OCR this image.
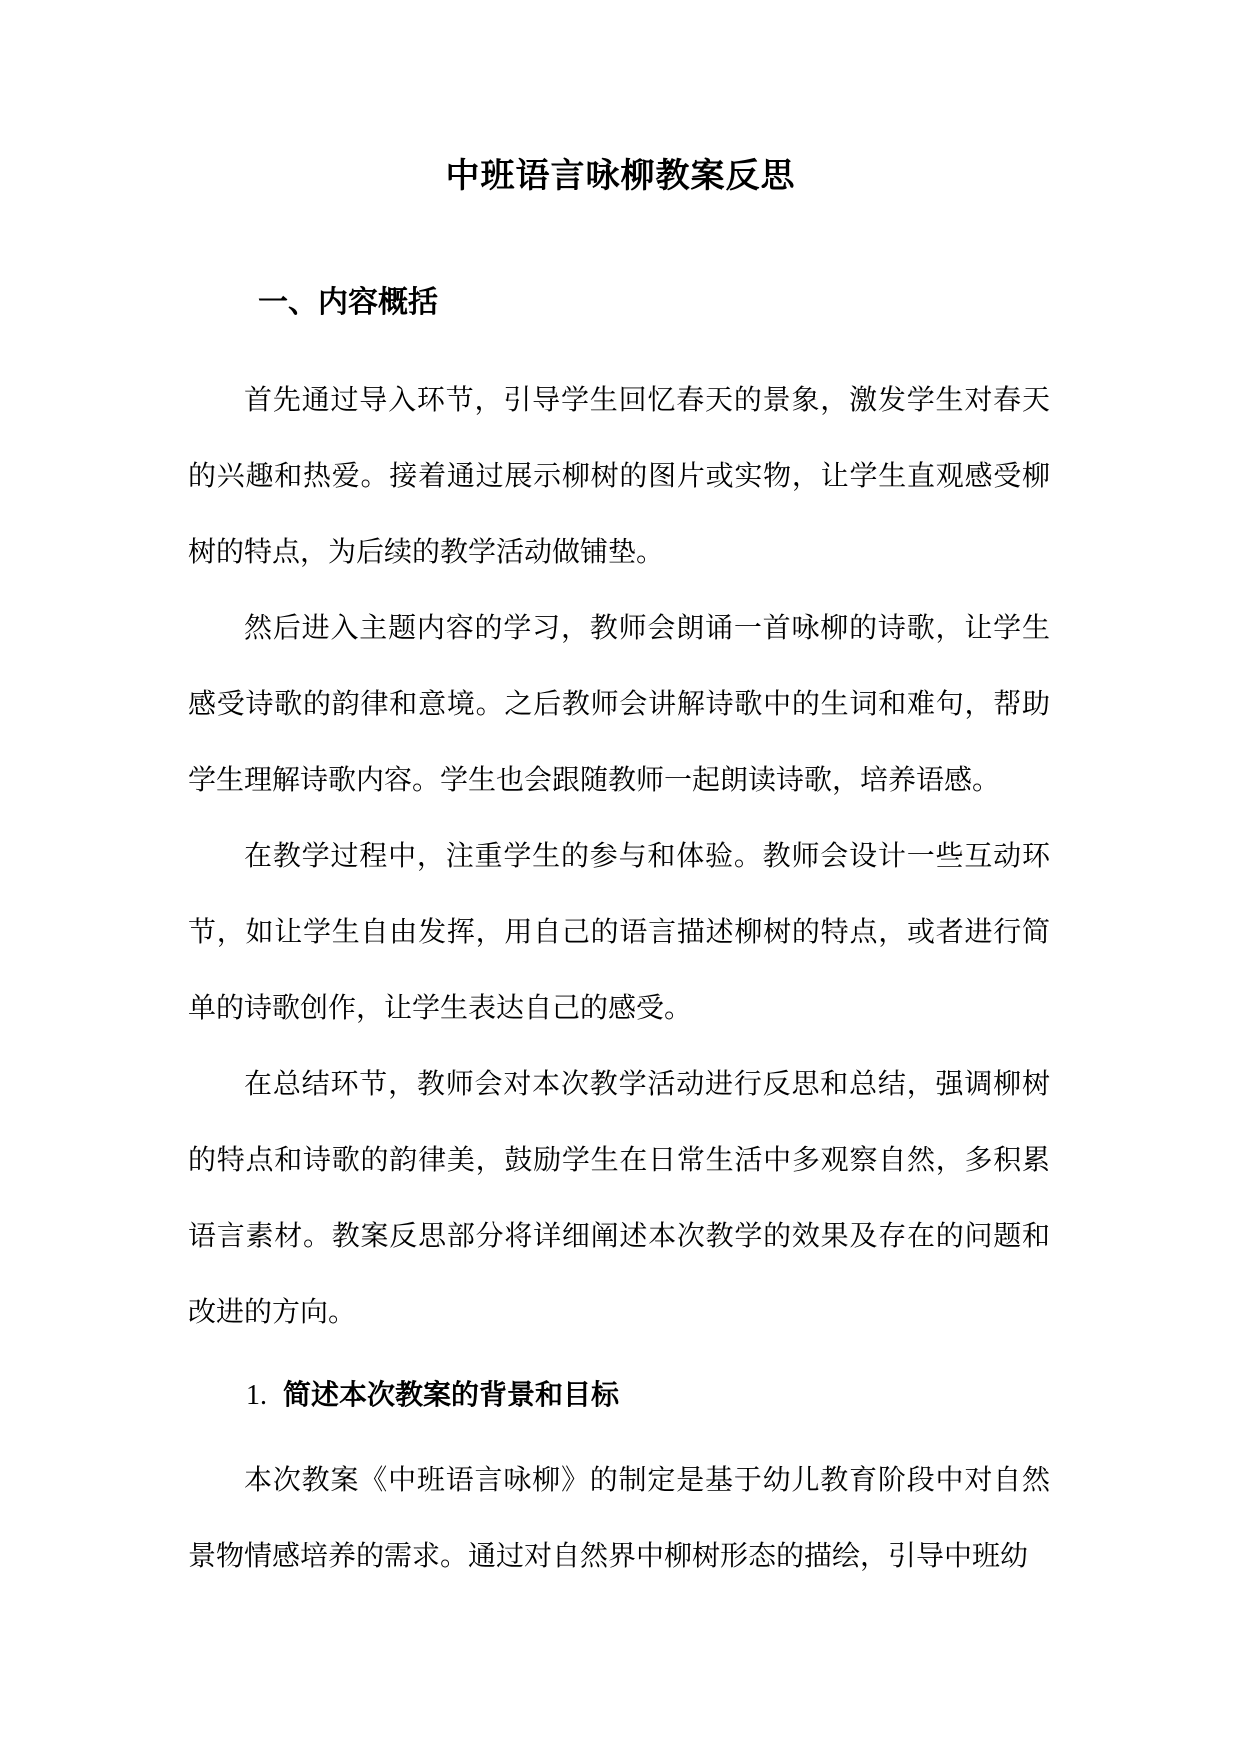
中班语言咏柳教案反思
一、内容概括

首先通过导入环节，引导学生回忆春天的景象，激发学生对春天的兴趣和热爱。接着通过展示柳树的图片或实物，让学生直观感受柳树的特点，为后续的教学活动做铺垫。

然后进入主题内容的学习，教师会朗诵一首咏柳的诗歌，让学生感受诗歌的韵律和意境。之后教师会讲解诗歌中的生词和难句，帮助学生理解诗歌内容。学生也会跟随教师一起朗读诗歌，培养语感。

在教学过程中，注重学生的参与和体验。教师会设计一些互动环节，如让学生自由发挥，用自己的语言描述柳树的特点，或者进行简单的诗歌创作，让学生表达自己的感受。

在总结环节，教师会对本次教学活动进行反思和总结，强调柳树的特点和诗歌的韵律美，鼓励学生在日常生活中多观察自然，多积累语言素材。教案反思部分将详细阐述本次教学的效果及存在的问题和改进的方向。

1. 简述本次教案的背景和目标

本次教案《中班语言咏柳》的制定是基于幼儿教育阶段中对自然景物情感培养的需求。通过对自然界中柳树形态的描绘，引导中班幼
